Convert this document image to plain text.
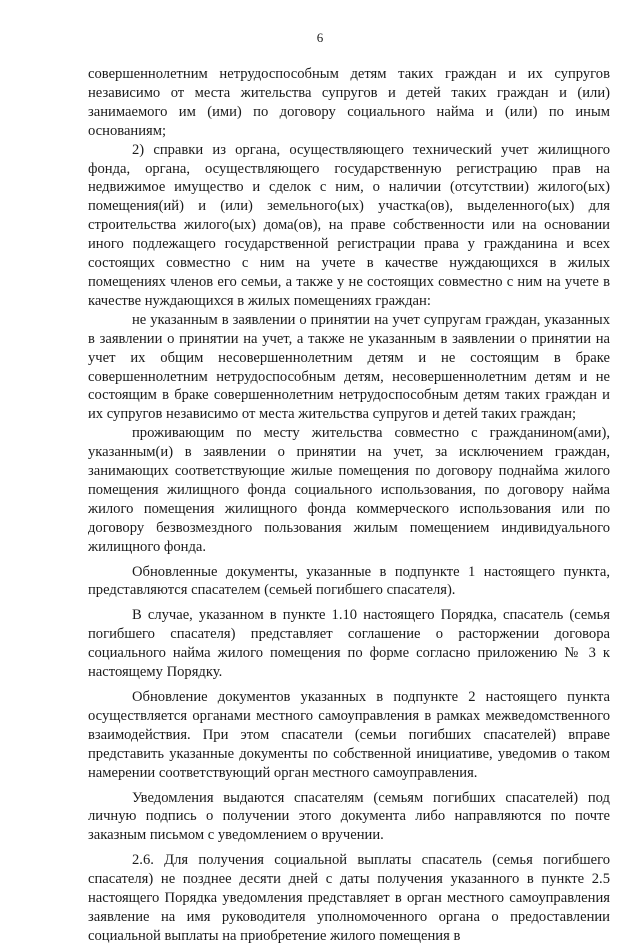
6

совершеннолетним нетрудоспособным детям таких граждан и их супругов независимо от места жительства супругов и детей таких граждан и (или) занимаемого им (ими) по договору социального найма и (или) по иным основаниям;

2) справки из органа, осуществляющего технический учет жилищного фонда, органа, осуществляющего государственную регистрацию прав на недвижимое имущество и сделок с ним, о наличии (отсутствии) жилого(ых) помещения(ий) и (или) земельного(ых) участка(ов), выделенного(ых) для строительства жилого(ых) дома(ов), на праве собственности или на основании иного подлежащего государственной регистрации права у гражданина и всех состоящих совместно с ним на учете в качестве нуждающихся в жилых помещениях членов его семьи, а также у не состоящих совместно с ним на учете в качестве нуждающихся в жилых помещениях граждан:

не указанным в заявлении о принятии на учет супругам граждан, указанных в заявлении о принятии на учет, а также не указанным в заявлении о принятии на учет их общим несовершеннолетним детям и не состоящим в браке совершеннолетним нетрудоспособным детям, несовершеннолетним детям и не состоящим в браке совершеннолетним нетрудоспособным детям таких граждан и их супругов независимо от места жительства супругов и детей таких граждан;

проживающим по месту жительства совместно с гражданином(ами), указанным(и) в заявлении о принятии на учет, за исключением граждан, занимающих соответствующие жилые помещения по договору поднайма жилого помещения жилищного фонда социального использования, по договору найма жилого помещения жилищного фонда коммерческого использования или по договору безвозмездного пользования жилым помещением индивидуального жилищного фонда.

Обновленные документы, указанные в подпункте 1 настоящего пункта, представляются спасателем (семьей погибшего спасателя).

В случае, указанном в пункте 1.10 настоящего Порядка, спасатель (семья погибшего спасателя) представляет соглашение о расторжении договора социального найма жилого помещения по форме согласно приложению № 3 к настоящему Порядку.

Обновление документов указанных в подпункте 2 настоящего пункта осуществляется органами местного самоуправления в рамках межведомственного взаимодействия. При этом спасатели (семьи погибших спасателей) вправе представить указанные документы по собственной инициативе, уведомив о таком намерении соответствующий орган местного самоуправления.

Уведомления выдаются спасателям (семьям погибших спасателей) под личную подпись о получении этого документа либо направляются по почте заказным письмом с уведомлением о вручении.

2.6. Для получения социальной выплаты спасатель (семья погибшего спасателя) не позднее десяти дней с даты получения указанного в пункте 2.5 настоящего Порядка уведомления представляет в орган местного самоуправления заявление на имя руководителя уполномоченного органа о предоставлении социальной выплаты на приобретение жилого помещения в
